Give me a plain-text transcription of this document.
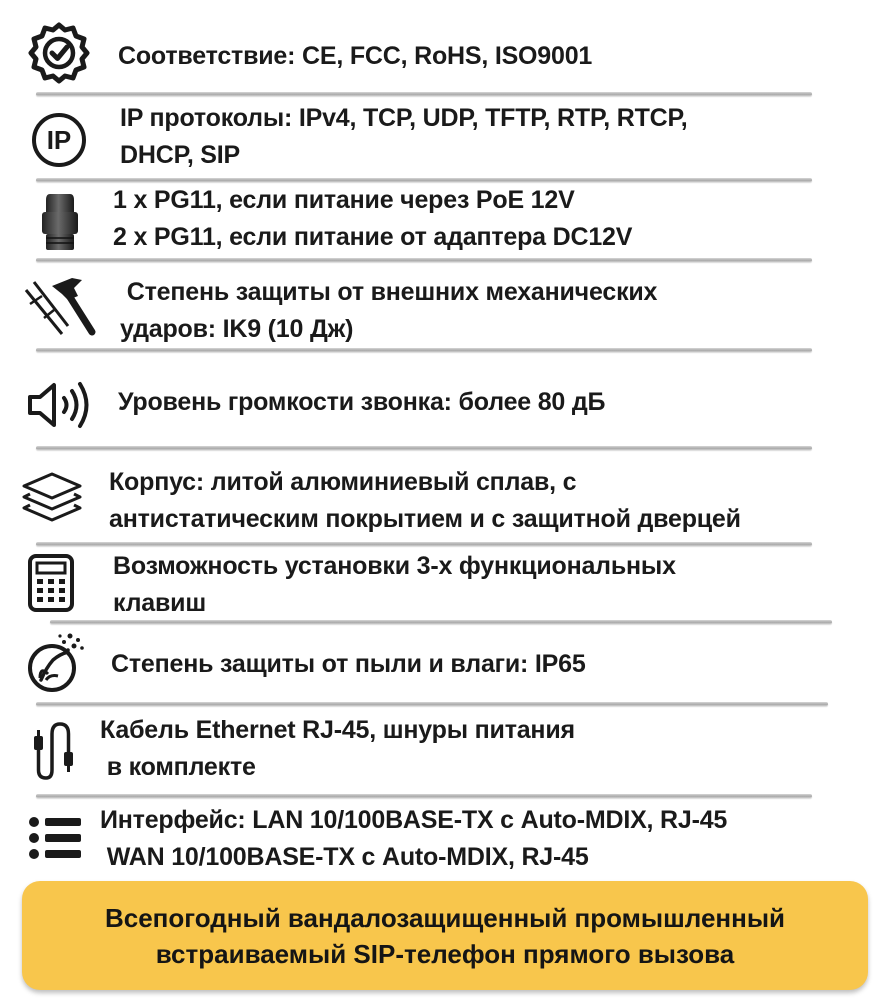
Соответствие: CE, FCC, RoHS, ISO9001
IP
IP протоколы: IPv4, TCP, UDP, TFTP, RTP, RTCP,
DHCP, SIP
1 x PG11, если питание через PoE 12V
2 x PG11, если питание от адаптера DC12V
Степень защиты от внешних механических
ударов: IK9 (10 Дж)
Уровень громкости звонка: более 80 дБ
Корпус: литой алюминиевый сплав, с
антистатическим покрытием и с защитной дверцей
Возможность установки 3-х функциональных
клавиш
Степень защиты от пыли и влаги: IP65
Кабель Ethernet RJ-45, шнуры питания
в комплекте
Интерфейс: LAN 10/100BASE-TX с Auto-MDIX, RJ-45
WAN 10/100BASE-TX с Auto-MDIX, RJ-45
Всепогодный вандалозащищенный промышленный
встраиваемый SIP-телефон прямого вызова
